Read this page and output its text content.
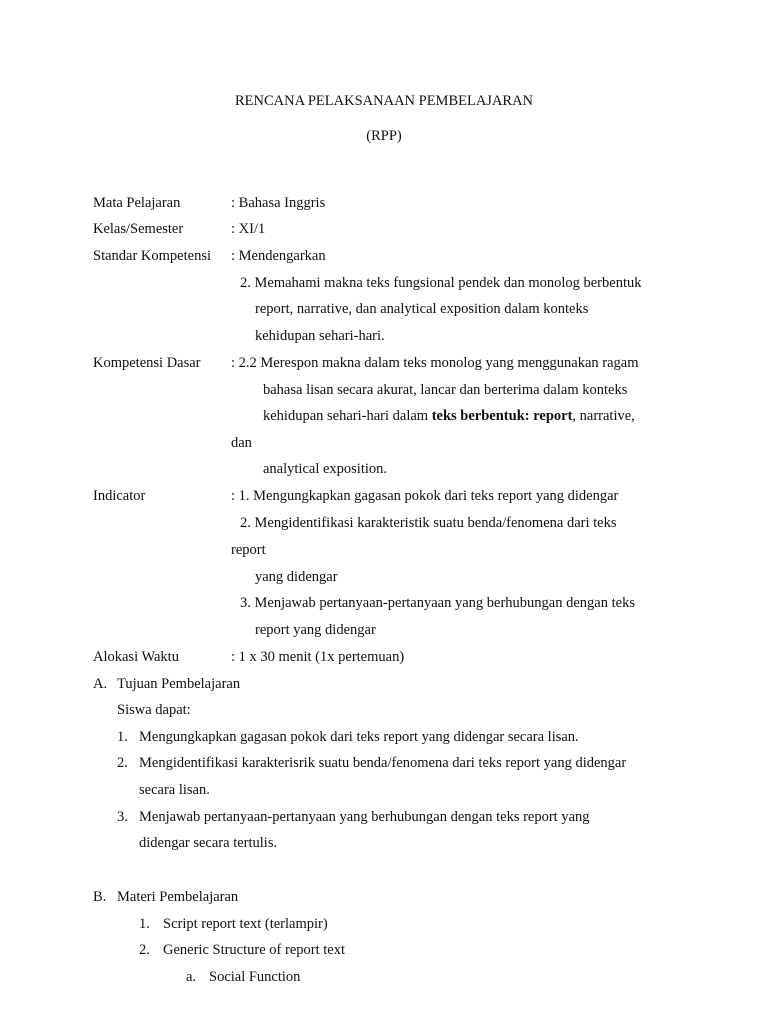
RENCANA PELAKSANAAN PEMBELAJARAN
(RPP)
Mata Pelajaran	: Bahasa Inggris
Kelas/Semester	: XI/1
Standar Kompetensi : Mendengarkan
2. Memahami makna teks fungsional pendek dan monolog berbentuk
report, narrative, dan analytical exposition dalam konteks
kehidupan sehari-hari.
Kompetensi Dasar : 2.2 Merespon makna dalam teks monolog yang menggunakan ragam
bahasa lisan secara akurat, lancar dan berterima dalam konteks
kehidupan sehari-hari dalam teks berbentuk: report, narrative,
dan
analytical exposition.
Indicator	: 1. Mengungkapkan gagasan pokok dari teks report yang didengar
2. Mengidentifikasi karakteristik suatu benda/fenomena dari teks
report
yang didengar
3. Menjawab pertanyaan-pertanyaan yang berhubungan dengan teks
report yang didengar
Alokasi Waktu	: 1 x 30 menit (1x pertemuan)
A. Tujuan Pembelajaran
Siswa dapat:
1. Mengungkapkan gagasan pokok dari teks report yang didengar secara lisan.
2. Mengidentifikasi karakterisrik suatu benda/fenomena dari teks report yang didengar
secara lisan.
3. Menjawab pertanyaan-pertanyaan yang berhubungan dengan teks report yang
didengar secara tertulis.
B. Materi Pembelajaran
1. Script report text (terlampir)
2. Generic Structure of report text
a. Social Function
